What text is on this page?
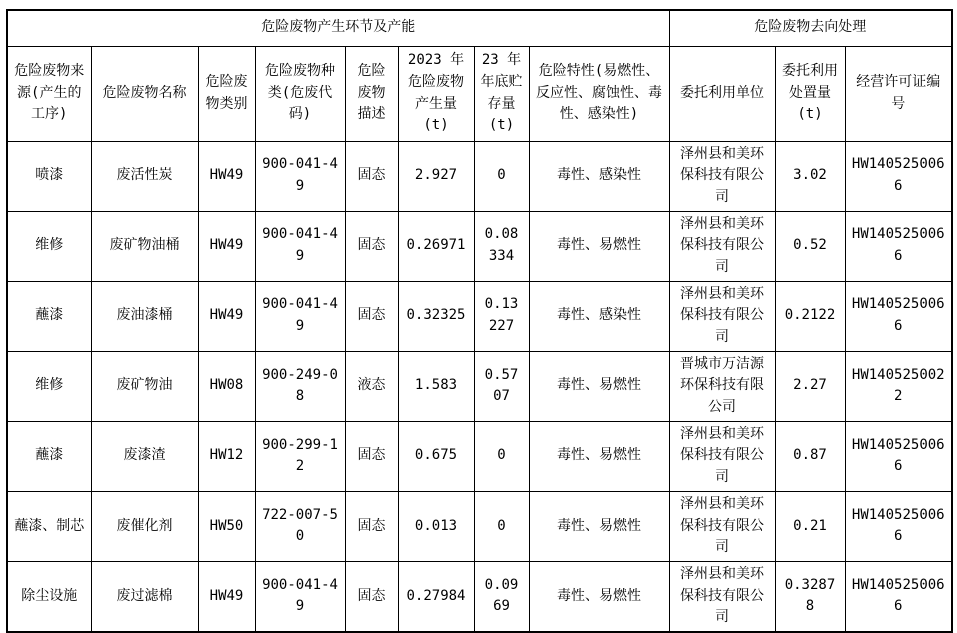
危险废物产生环节及产能								危险废物去向处理		
危险废物来源(产生的工序)	危险废物名称	危险废物类别	危险废物种类(危废代码)	危险废物描述	2023 年危险废物产生量(t)	23 年年底贮存量(t)	危险特性(易燃性、反应性、腐蚀性、毒性、感染性)	委托利用单位	委托利用处置量(t)	经营许可证编号
喷漆	废活性炭	HW49	900-041-49	固态	2.927	0	毒性、感染性	泽州县和美环保科技有限公司	3.02	HW1405250066
维修	废矿物油桶	HW49	900-041-49	固态	0.26971	0.08334	毒性、易燃性	泽州县和美环保科技有限公司	0.52	HW1405250066
蘸漆	废油漆桶	HW49	900-041-49	固态	0.32325	0.13227	毒性、感染性	泽州县和美环保科技有限公司	0.2122	HW1405250066
维修	废矿物油	HW08	900-249-08	液态	1.583	0.5707	毒性、易燃性	晋城市万洁源环保科技有限公司	2.27	HW1405250022
蘸漆	废漆渣	HW12	900-299-12	固态	0.675	0	毒性、易燃性	泽州县和美环保科技有限公司	0.87	HW1405250066
蘸漆、制芯	废催化剂	HW50	722-007-50	固态	0.013	0	毒性、易燃性	泽州县和美环保科技有限公司	0.21	HW1405250066
除尘设施	废过滤棉	HW49	900-041-49	固态	0.27984	0.0969	毒性、易燃性	泽州县和美环保科技有限公司	0.32878	HW1405250066
